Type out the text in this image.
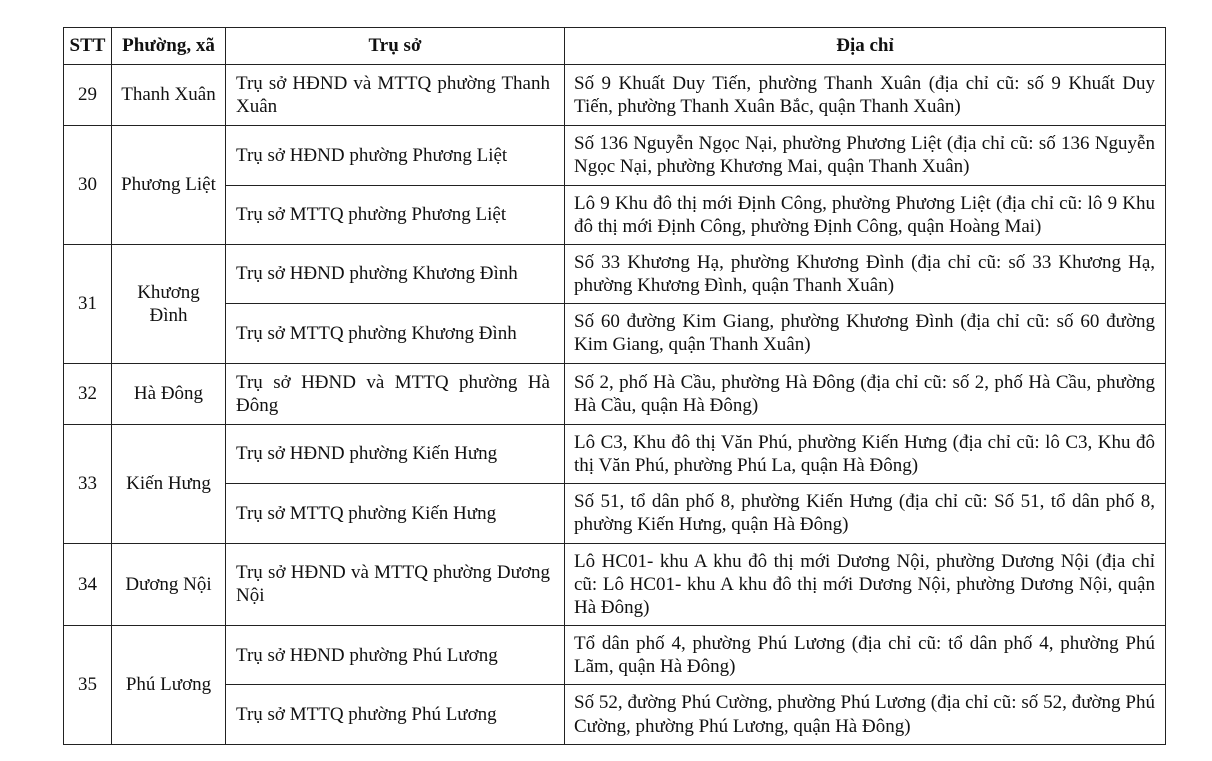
STT	Phường, xã	Trụ sở	Địa chỉ
29	Thanh Xuân	Trụ sở HĐND và MTTQ phường Thanh Xuân	Số 9 Khuất Duy Tiến, phường Thanh Xuân (địa chỉ cũ: số 9 Khuất Duy Tiến, phường Thanh Xuân Bắc, quận Thanh Xuân)
30	Phương Liệt	Trụ sở HĐND phường Phương Liệt	Số 136 Nguyễn Ngọc Nại, phường Phương Liệt (địa chỉ cũ: số 136 Nguyễn Ngọc Nại, phường Khương Mai, quận Thanh Xuân)
		Trụ sở MTTQ phường Phương Liệt	Lô 9 Khu đô thị mới Định Công, phường Phương Liệt (địa chỉ cũ: lô 9 Khu đô thị mới Định Công, phường Định Công, quận Hoàng Mai)
31	Khương Đình	Trụ sở HĐND phường Khương Đình	Số 33 Khương Hạ, phường Khương Đình (địa chỉ cũ: số 33 Khương Hạ, phường Khương Đình, quận Thanh Xuân)
		Trụ sở MTTQ phường Khương Đình	Số 60 đường Kim Giang, phường Khương Đình (địa chỉ cũ: số 60 đường Kim Giang, quận Thanh Xuân)
32	Hà Đông	Trụ sở HĐND và MTTQ phường Hà Đông	Số 2, phố Hà Cầu, phường Hà Đông (địa chỉ cũ: số 2, phố Hà Cầu, phường Hà Cầu, quận Hà Đông)
33	Kiến Hưng	Trụ sở HĐND phường Kiến Hưng	Lô C3, Khu đô thị Văn Phú, phường Kiến Hưng (địa chỉ cũ: lô C3, Khu đô thị Văn Phú, phường Phú La, quận Hà Đông)
		Trụ sở MTTQ phường Kiến Hưng	Số 51, tổ dân phố 8, phường Kiến Hưng (địa chỉ cũ: Số 51, tổ dân phố 8, phường Kiến Hưng, quận Hà Đông)
34	Dương Nội	Trụ sở HĐND và MTTQ phường Dương Nội	Lô HC01- khu A khu đô thị mới Dương Nội, phường Dương Nội (địa chỉ cũ: Lô HC01- khu A khu đô thị mới Dương Nội, phường Dương Nội, quận Hà Đông)
35	Phú Lương	Trụ sở HĐND phường Phú Lương	Tổ dân phố 4, phường Phú Lương (địa chỉ cũ: tổ dân phố 4, phường Phú Lãm, quận Hà Đông)
		Trụ sở MTTQ phường Phú Lương	Số 52, đường Phú Cường, phường Phú Lương (địa chỉ cũ: số 52, đường Phú Cường, phường Phú Lương, quận Hà Đông)
